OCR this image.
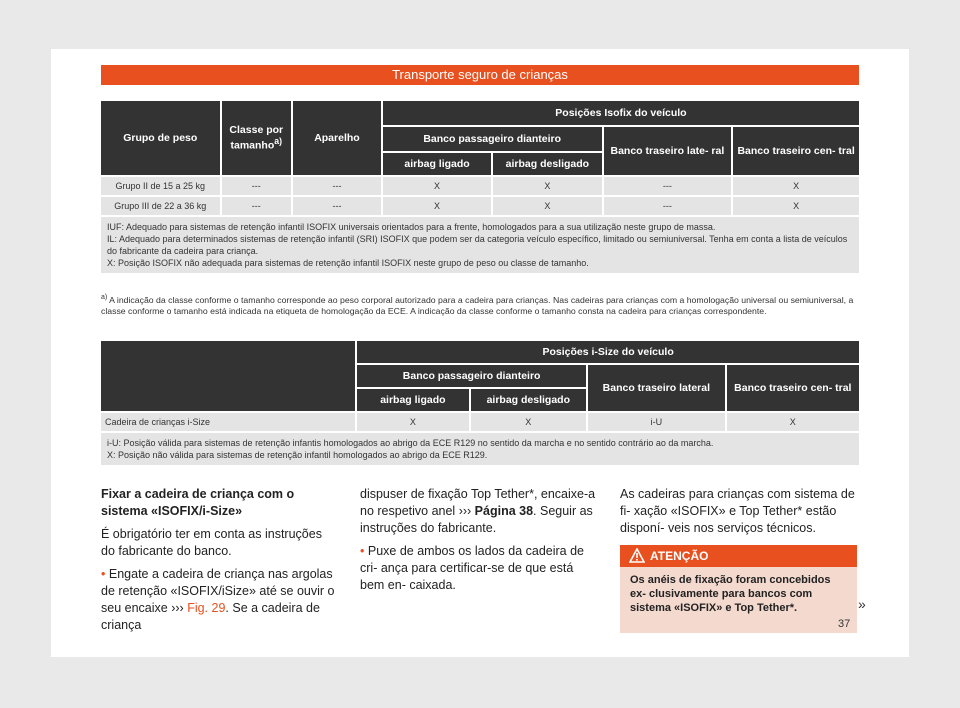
Transporte seguro de crianças
Grupo de peso	Classe por tamanho$^{a)}$	Aparelho	Posições Isofix do veículo			
			Banco passageiro dianteiro		Banco traseiro late- ral	Banco traseiro cen- tral
			airbag ligado	airbag desligado		
Grupo II de 15 a 25 kg	---	---	X	X	---	X
Grupo III de 22 a 36 kg	---	---	X	X	---	X

IUF: Adequado para sistemas de retenção infantil ISOFIX universais orientados para a frente, homologados para a sua utilização neste grupo de massa.
IL: Adequado para determinados sistemas de retenção infantil (SRI) ISOFIX que podem ser da categoria veículo específico, limitado ou semiuniversal. Tenha em conta a lista de veículos do fabricante da cadeira para criança.
X: Posição ISOFIX não adequada para sistemas de retenção infantil ISOFIX neste grupo de peso ou classe de tamanho.						
$^{a)}$ A indicação da classe conforme o tamanho corresponde ao peso corporal autorizado para a cadeira para crianças. Nas cadeiras para crianças com a homologação universal ou semiuniversal, a classe conforme o tamanho está indicada na etiqueta de homologação da ECE. A indicação da classe conforme o tamanho consta na cadeira para crianças correspondente.
	Posições i-Size do veículo			
	Banco passageiro dianteiro		Banco traseiro lateral	Banco traseiro cen- tral
	airbag ligado	airbag desligado		
Cadeira de crianças i-Size	X	X	i-U	X

i-U: Posição válida para sistemas de retenção infantis homologados ao abrigo da ECE R129 no sentido da marcha e no sentido contrário ao da marcha.
X: Posição não válida para sistemas de retenção infantil homologados ao abrigo da ECE R129.				
Fixar a cadeira de criança com o sistema «ISOFIX/i-Size»

É obrigatório ter em conta as instruções do fabricante do banco.

• Engate a cadeira de criança nas argolas de retenção «ISOFIX/iSize» até se ouvir o seu encaixe ››› Fig. 29. Se a cadeira de criança

dispuser de fixação Top Tether*, encaixe-a no respetivo anel ››› Página 38. Seguir as instruções do fabricante.

• Puxe de ambos os lados da cadeira de cri- ança para certificar-se de que está bem en- caixada.

As cadeiras para crianças com sistema de fi- xação «ISOFIX» e Top Tether* estão disponí- veis nos serviços técnicos.

ATENÇÃO
Os anéis de fixação foram concebidos ex- clusivamente para bancos com sistema «ISOFIX» e Top Tether*.	»
37
